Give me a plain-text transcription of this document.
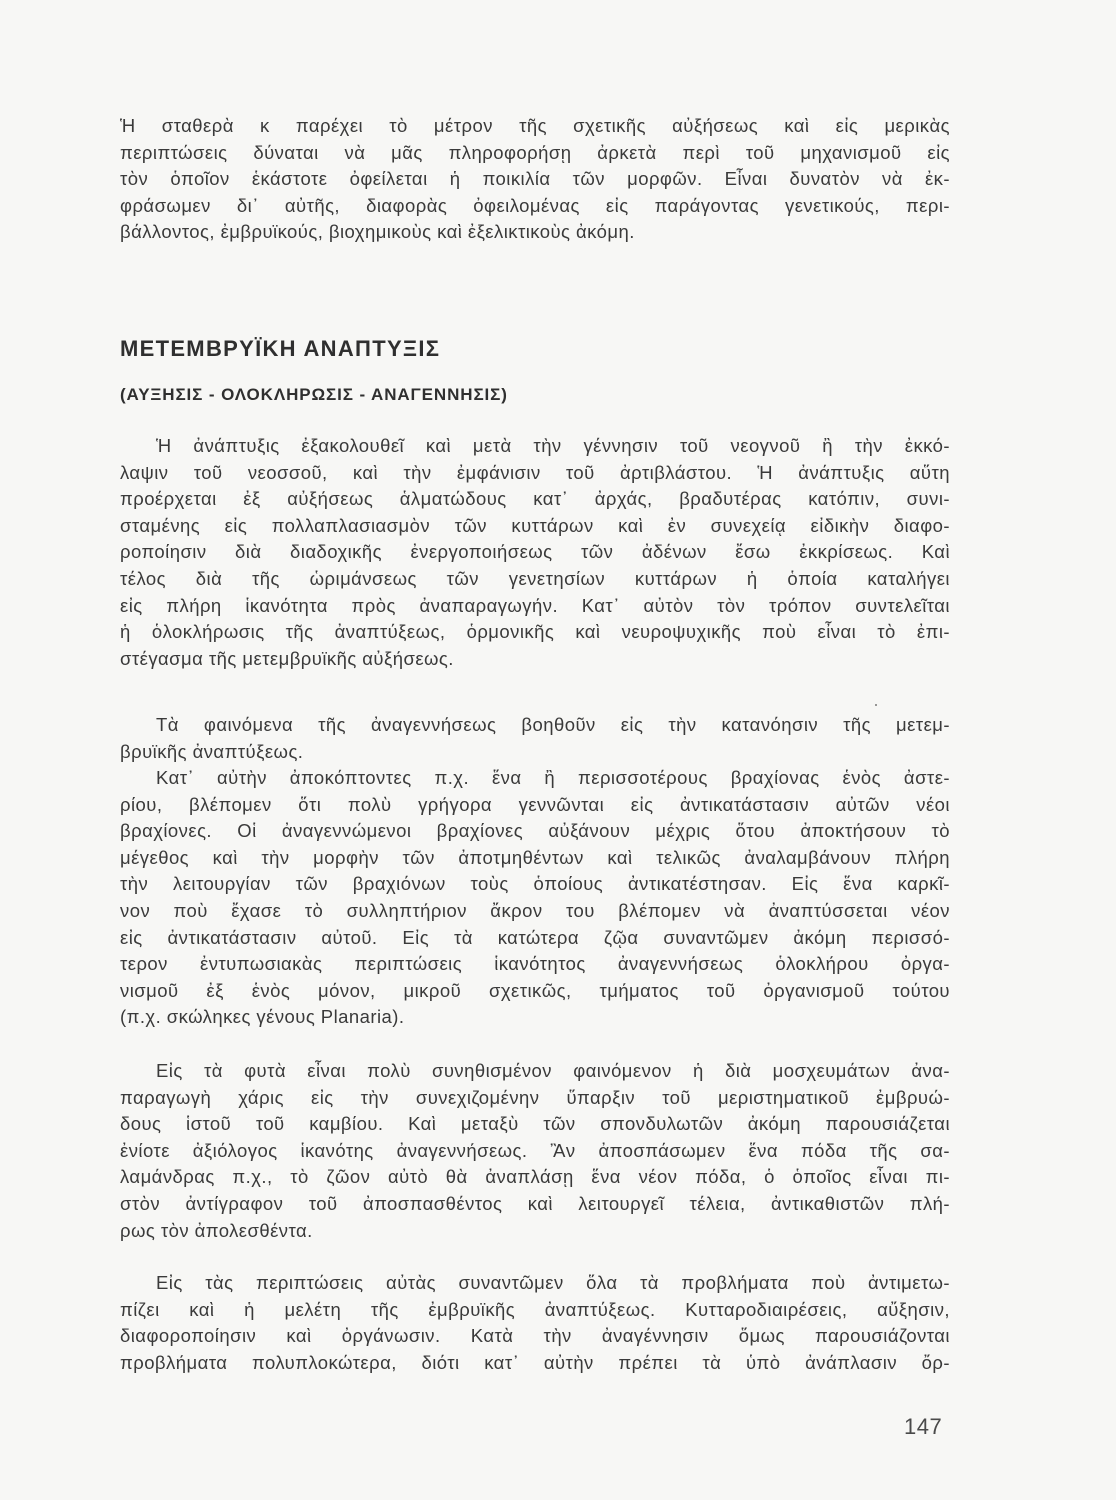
Ἡ σταθερὰ κ παρέχει τὸ μέτρον τῆς σχετικῆς αὐξήσεως καὶ εἰς μερικὰς
περιπτώσεις δύναται νὰ μᾶς πληροφορήσῃ ἀρκετὰ περὶ τοῦ μηχανισμοῦ εἰς
τὸν ὁποῖον ἑκάστοτε ὀφείλεται ἡ ποικιλία τῶν μορφῶν. Εἶναι δυνατὸν νὰ ἐκ-
φράσωμεν δι᾽ αὐτῆς, διαφορὰς ὀφειλομένας εἰς παράγοντας γενετικούς, περι-
βάλλοντος, ἐμβρυϊκούς, βιοχημικοὺς καὶ ἐξελικτικοὺς ἀκόμη.
ΜΕΤΕΜΒΡΥΪΚΗ ΑΝΑΠΤΥΞΙΣ
(ΑΥΞΗΣΙΣ - ΟΛΟΚΛΗΡΩΣΙΣ - ΑΝΑΓΕΝΝΗΣΙΣ)
Ἡ ἀνάπτυξις ἐξακολουθεῖ καὶ μετὰ τὴν γέννησιν τοῦ νεογνοῦ ἢ τὴν ἐκκό-
λαψιν τοῦ νεοσσοῦ, καὶ τὴν ἐμφάνισιν τοῦ ἀρτιβλάστου. Ἡ ἀνάπτυξις αὕτη
προέρχεται ἐξ αὐξήσεως ἁλματώδους κατ᾽ ἀρχάς, βραδυτέρας κατόπιν, συνι-
σταμένης εἰς πολλαπλασιασμὸν τῶν κυττάρων καὶ ἐν συνεχείᾳ εἰδικὴν διαφο-
ροποίησιν διὰ διαδοχικῆς ἐνεργοποιήσεως τῶν ἀδένων ἔσω ἐκκρίσεως. Καὶ
τέλος διὰ τῆς ὡριμάνσεως τῶν γενετησίων κυττάρων ἡ ὁποία καταλήγει
εἰς πλήρη ἱκανότητα πρὸς ἀναπαραγωγήν. Κατ᾽ αὐτὸν τὸν τρόπον συντελεῖται
ἡ ὁλοκλήρωσις τῆς ἀναπτύξεως, ὁρμονικῆς καὶ νευροψυχικῆς ποὺ εἶναι τὸ ἐπι-
στέγασμα τῆς μετεμβρυϊκῆς αὐξήσεως.
Τὰ φαινόμενα τῆς ἀναγεννήσεως βοηθοῦν εἰς τὴν κατανόησιν τῆς μετεμ-
βρυϊκῆς ἀναπτύξεως.
Κατ᾽ αὐτὴν ἀποκόπτοντες π.χ. ἕνα ἢ περισσοτέρους βραχίονας ἑνὸς ἀστε-
ρίου, βλέπομεν ὅτι πολὺ γρήγορα γεννῶνται εἰς ἀντικατάστασιν αὐτῶν νέοι
βραχίονες. Οἱ ἀναγεννώμενοι βραχίονες αὐξάνουν μέχρις ὅτου ἀποκτήσουν τὸ
μέγεθος καὶ τὴν μορφὴν τῶν ἀποτμηθέντων καὶ τελικῶς ἀναλαμβάνουν πλήρη
τὴν λειτουργίαν τῶν βραχιόνων τοὺς ὁποίους ἀντικατέστησαν. Εἰς ἕνα καρκῖ-
νον ποὺ ἔχασε τὸ συλληπτήριον ἄκρον του βλέπομεν νὰ ἀναπτύσσεται νέον
εἰς ἀντικατάστασιν αὐτοῦ. Εἰς τὰ κατώτερα ζῷα συναντῶμεν ἀκόμη περισσό-
τερον ἐντυπωσιακὰς περιπτώσεις ἱκανότητος ἀναγεννήσεως ὁλοκλήρου ὀργα-
νισμοῦ ἐξ ἑνὸς μόνον, μικροῦ σχετικῶς, τμήματος τοῦ ὀργανισμοῦ τούτου
(π.χ. σκώληκες γένους Planaria).
Εἰς τὰ φυτὰ εἶναι πολὺ συνηθισμένον φαινόμενον ἡ διὰ μοσχευμάτων ἀνα-
παραγωγὴ χάρις εἰς τὴν συνεχιζομένην ὕπαρξιν τοῦ μεριστηματικοῦ ἐμβρυώ-
δους ἱστοῦ τοῦ καμβίου. Καὶ μεταξὺ τῶν σπονδυλωτῶν ἀκόμη παρουσιάζεται
ἐνίοτε ἀξιόλογος ἱκανότης ἀναγεννήσεως. Ἂν ἀποσπάσωμεν ἕνα πόδα τῆς σα-
λαμάνδρας π.χ., τὸ ζῶον αὐτὸ θὰ ἀναπλάσῃ ἕνα νέον πόδα, ὁ ὁποῖος εἶναι πι-
στὸν ἀντίγραφον τοῦ ἀποσπασθέντος καὶ λειτουργεῖ τέλεια, ἀντικαθιστῶν πλή-
ρως τὸν ἀπολεσθέντα.
Εἰς τὰς περιπτώσεις αὐτὰς συναντῶμεν ὅλα τὰ προβλήματα ποὺ ἀντιμετω-
πίζει καὶ ἡ μελέτη τῆς ἐμβρυϊκῆς ἀναπτύξεως. Κυτταροδιαιρέσεις, αὔξησιν,
διαφοροποίησιν καὶ ὀργάνωσιν. Κατὰ τὴν ἀναγέννησιν ὅμως παρουσιάζονται
προβλήματα πολυπλοκώτερα, διότι κατ᾽ αὐτὴν πρέπει τὰ ὑπὸ ἀνάπλασιν ὄρ-
147
